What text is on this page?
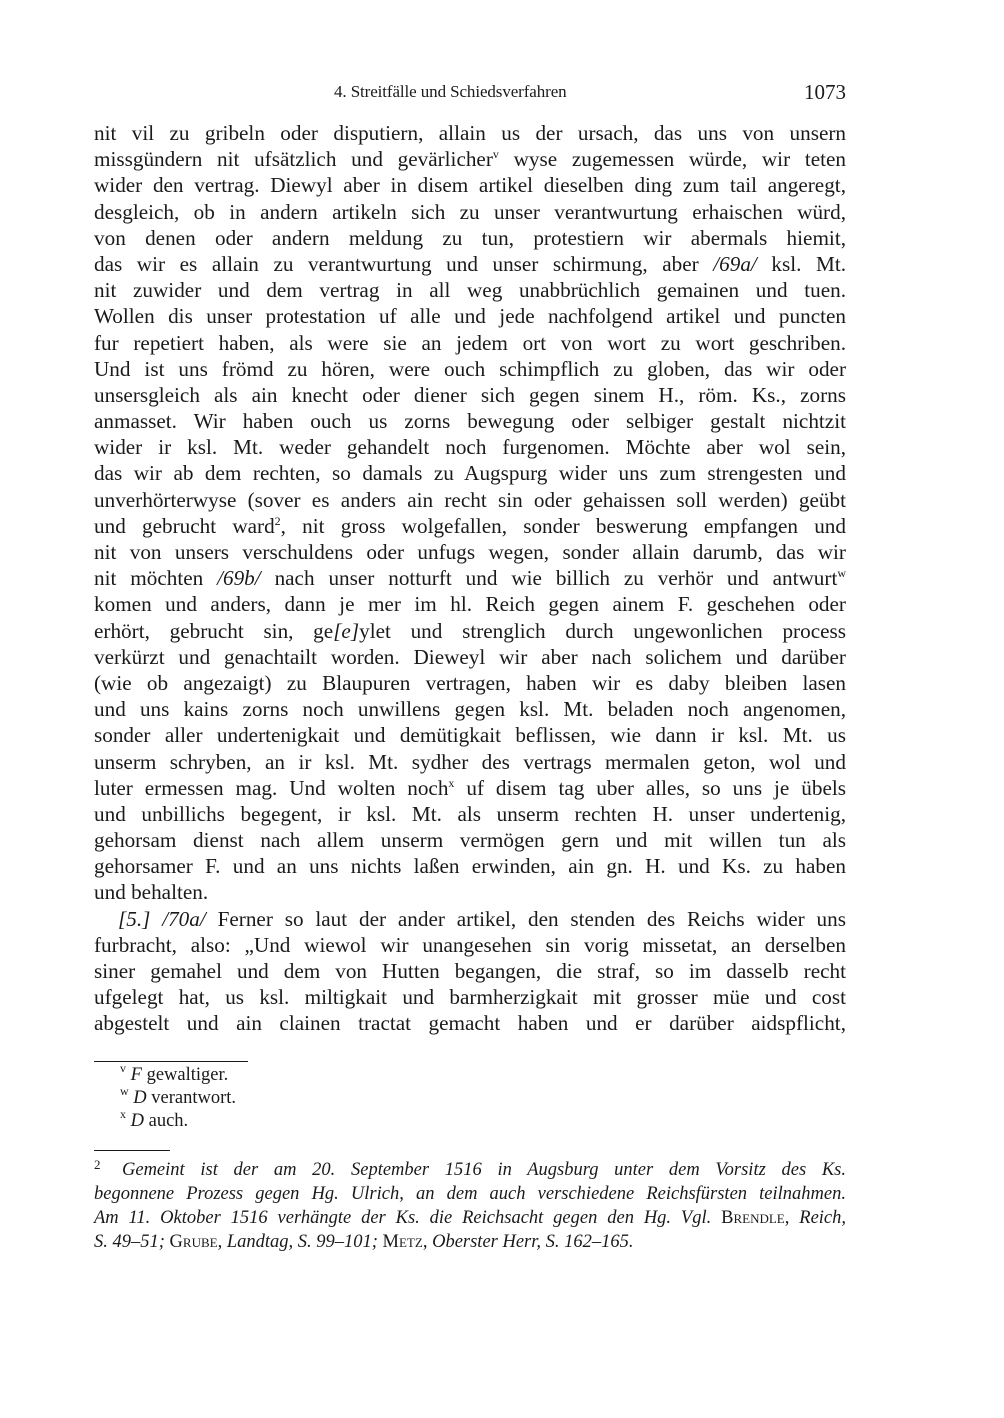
4. Streitfälle und Schiedsverfahren	1073
nit vil zu gribeln oder disputiern, allain us der ursach, das uns von unsern
missgündern nit ufsätzlich und gevärlicher$^v$ wyse zugemessen würde, wir teten
wider den vertrag. Diewyl aber in disem artikel dieselben ding zum tail angeregt,
desgleich, ob in andern artikeln sich zu unser verantwurtung erhaischen würd,
von denen oder andern meldung zu tun, protestiern wir abermals hiemit,
das wir es allain zu verantwurtung und unser schirmung, aber /69a/ ksl. Mt.
nit zuwider und dem vertrag in all weg unabbrüchlich gemainen und tuen.
Wollen dis unser protestation uf alle und jede nachfolgend artikel und puncten
fur repetiert haben, als were sie an jedem ort von wort zu wort geschriben.
Und ist uns frömd zu hören, were ouch schimpflich zu globen, das wir oder
unsersgleich als ain knecht oder diener sich gegen sinem H., röm. Ks., zorns
anmasset. Wir haben ouch us zorns bewegung oder selbiger gestalt nichtzit
wider ir ksl. Mt. weder gehandelt noch furgenomen. Möchte aber wol sein,
das wir ab dem rechten, so damals zu Augspurg wider uns zum strengesten und
unverhörterwyse (sover es anders ain recht sin oder gehaissen soll werden) geübt
und gebrucht ward$^2$, nit gross wolgefallen, sonder beswerung empfangen und
nit von unsers verschuldens oder unfugs wegen, sonder allain darumb, das wir
nit möchten /69b/ nach unser notturft und wie billich zu verhör und antwurt$^w$
komen und anders, dann je mer im hl. Reich gegen ainem F. geschehen oder
erhört, gebrucht sin, ge[e]ylet und strenglich durch ungewonlichen process
verkürzt und genachtailt worden. Dieweyl wir aber nach solichem und darüber
(wie ob angezaigt) zu Blaupuren vertragen, haben wir es daby bleiben lasen
und uns kains zorns noch unwillens gegen ksl. Mt. beladen noch angenomen,
sonder aller undertenigkait und demütigkait beflissen, wie dann ir ksl. Mt. us
unserm schryben, an ir ksl. Mt. sydher des vertrags mermalen geton, wol und
luter ermessen mag. Und wolten noch$^x$ uf disem tag uber alles, so uns je übels
und unbillichs begegent, ir ksl. Mt. als unserm rechten H. unser undertenig,
gehorsam dienst nach allem unserm vermögen gern und mit willen tun als
gehorsamer F. und an uns nichts laßen erwinden, ain gn. H. und Ks. zu haben
und behalten.
[5.] /70a/ Ferner so laut der ander artikel, den stenden des Reichs wider uns
furbracht, also: „Und wiewol wir unangesehen sin vorig missetat, an derselben
siner gemahel und dem von Hutten begangen, die straf, so im dasselb recht
ufgelegt hat, us ksl. miltigkait und barmherzigkait mit grosser müe und cost
abgestelt und ain clainen tractat gemacht haben und er darüber aidspflicht,
$^v$ F gewaltiger.
$^w$ D verantwort.
$^x$ D auch.
2 Gemeint ist der am 20. September 1516 in Augsburg unter dem Vorsitz des Ks.
begonnene Prozess gegen Hg. Ulrich, an dem auch verschiedene Reichsfürsten teilnahmen.
Am 11. Oktober 1516 verhängte der Ks. die Reichsacht gegen den Hg. Vgl. Brendle, Reich,
S. 49–51; Grube, Landtag, S. 99–101; Metz, Oberster Herr, S. 162–165.
